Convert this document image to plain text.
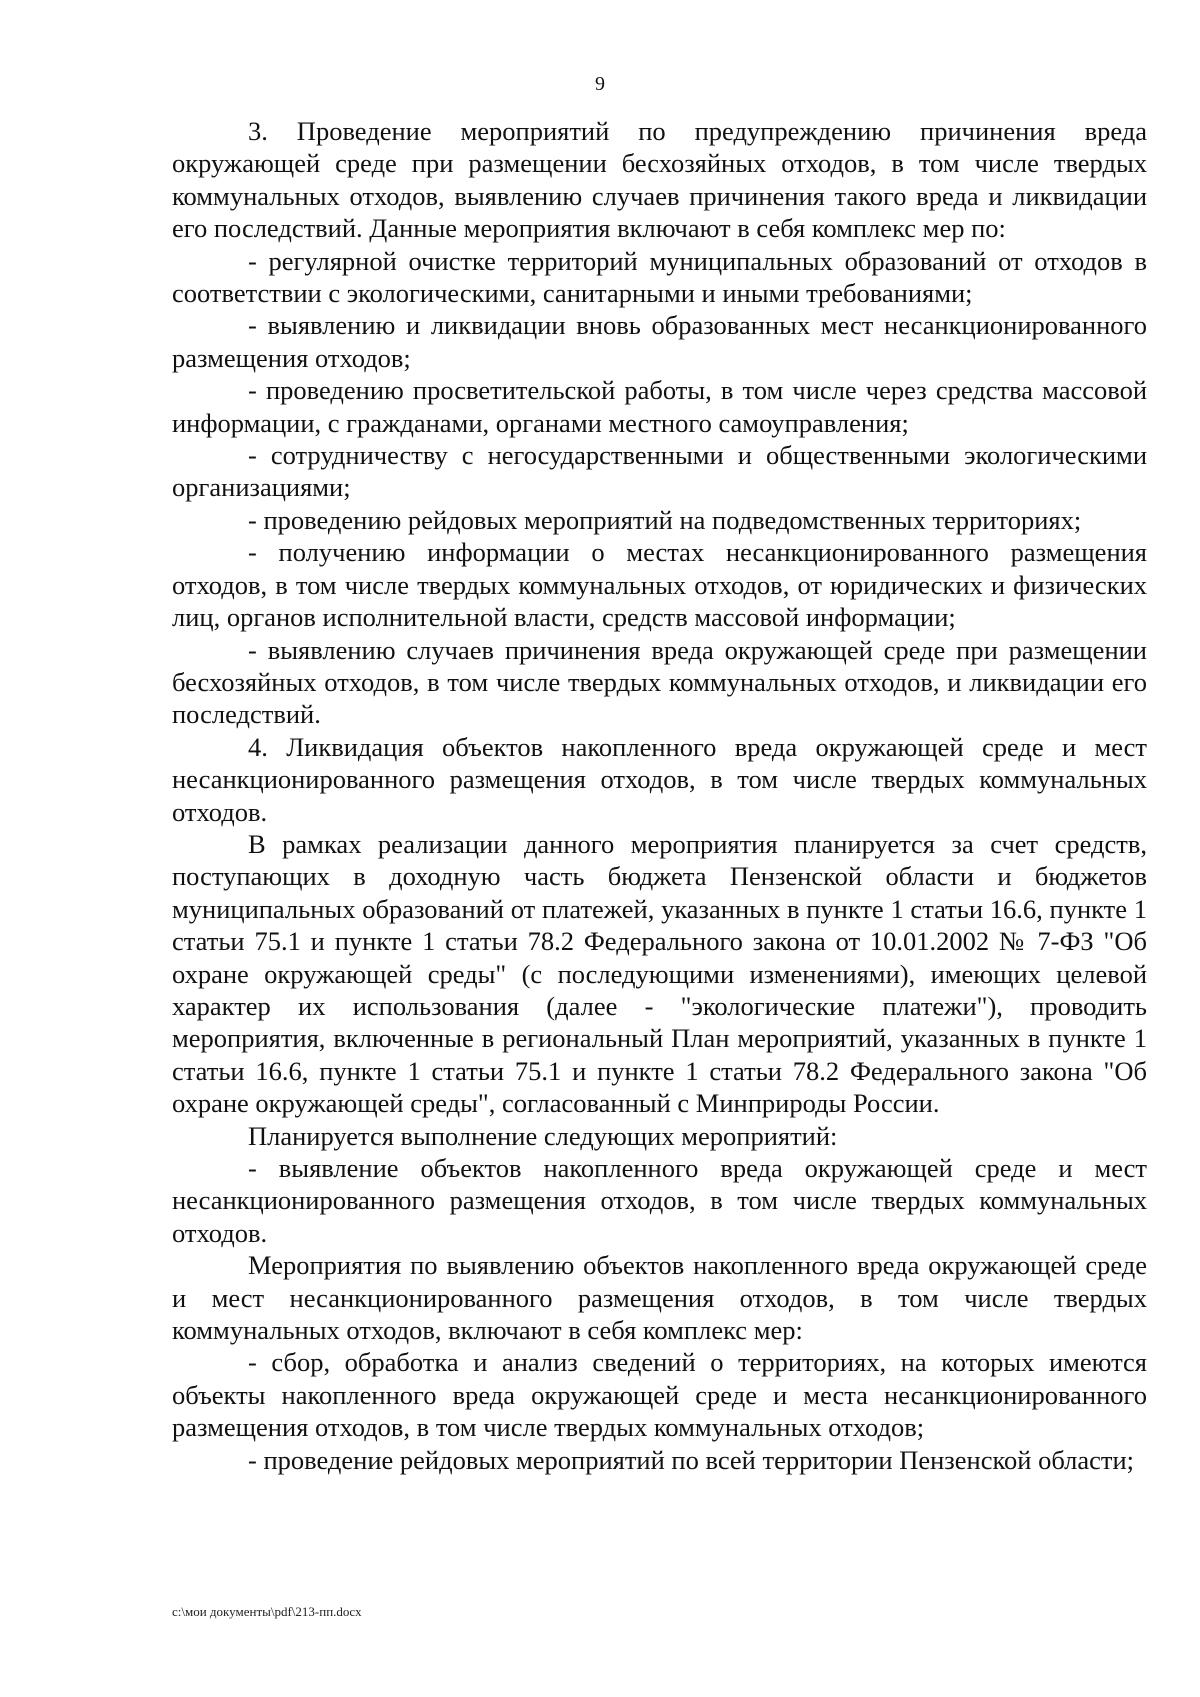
9

3. Проведение мероприятий по предупреждению причинения вреда окружающей среде при размещении бесхозяйных отходов, в том числе твердых коммунальных отходов, выявлению случаев причинения такого вреда и ликвидации его последствий. Данные мероприятия включают в себя комплекс мер по:

- регулярной очистке территорий муниципальных образований от отходов в соответствии с экологическими, санитарными и иными требованиями;

- выявлению и ликвидации вновь образованных мест несанкционированного размещения отходов;

- проведению просветительской работы, в том числе через средства массовой информации, с гражданами, органами местного самоуправления;

- сотрудничеству с негосударственными и общественными экологическими организациями;

- проведению рейдовых мероприятий на подведомственных территориях;

- получению информации о местах несанкционированного размещения отходов, в том числе твердых коммунальных отходов, от юридических и физических лиц, органов исполнительной власти, средств массовой информации;

- выявлению случаев причинения вреда окружающей среде при размещении бесхозяйных отходов, в том числе твердых коммунальных отходов, и ликвидации его последствий.

4. Ликвидация объектов накопленного вреда окружающей среде и мест несанкционированного размещения отходов, в том числе твердых коммунальных отходов.

В рамках реализации данного мероприятия планируется за счет средств, поступающих в доходную часть бюджета Пензенской области и бюджетов муниципальных образований от платежей, указанных в пункте 1 статьи 16.6, пункте 1 статьи 75.1 и пункте 1 статьи 78.2 Федерального закона от 10.01.2002 № 7-ФЗ "Об охране окружающей среды" (с последующими изменениями), имеющих целевой характер их использования (далее - "экологические платежи"), проводить мероприятия, включенные в региональный План мероприятий, указанных в пункте 1 статьи 16.6, пункте 1 статьи 75.1 и пункте 1 статьи 78.2 Федерального закона "Об охране окружающей среды", согласованный с Минприроды России.

Планируется выполнение следующих мероприятий:

- выявление объектов накопленного вреда окружающей среде и мест несанкционированного размещения отходов, в том числе твердых коммунальных отходов.

Мероприятия по выявлению объектов накопленного вреда окружающей среде и мест несанкционированного размещения отходов, в том числе твердых коммунальных отходов, включают в себя комплекс мер:

- сбор, обработка и анализ сведений о территориях, на которых имеются объекты накопленного вреда окружающей среде и места несанкционированного размещения отходов, в том числе твердых коммунальных отходов;

- проведение рейдовых мероприятий по всей территории Пензенской области;

c:\мои документы\pdf\213-пп.docx
